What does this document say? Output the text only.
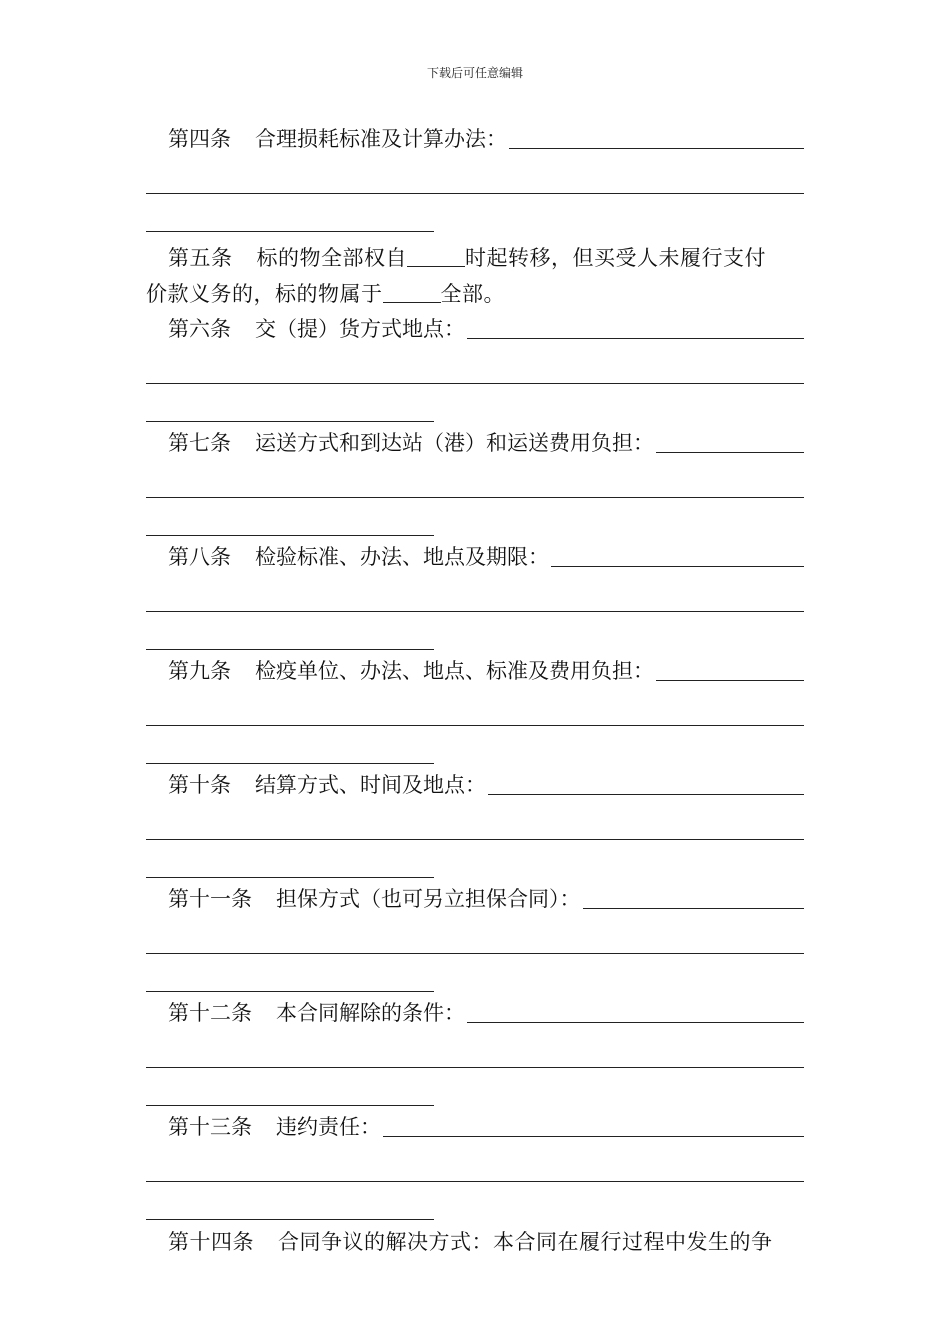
下载后可任意编辑
第四条 合理损耗标准及计算办法：
第五条 标的物全部权自	时起转移，但买受人未履行支付
价款义务的，标的物属于	全部。
第六条 交（提）货方式地点：
第七条 运送方式和到达站（港）和运送费用负担：
第八条 检验标准、办法、地点及期限：
第九条 检疫单位、办法、地点、标准及费用负担：
第十条 结算方式、时间及地点：
第十一条 担保方式（也可另立担保合同）：
第十二条 本合同解除的条件：
第十三条 违约责任：
第十四条 合同争议的解决方式：本合同在履行过程中发生的争
